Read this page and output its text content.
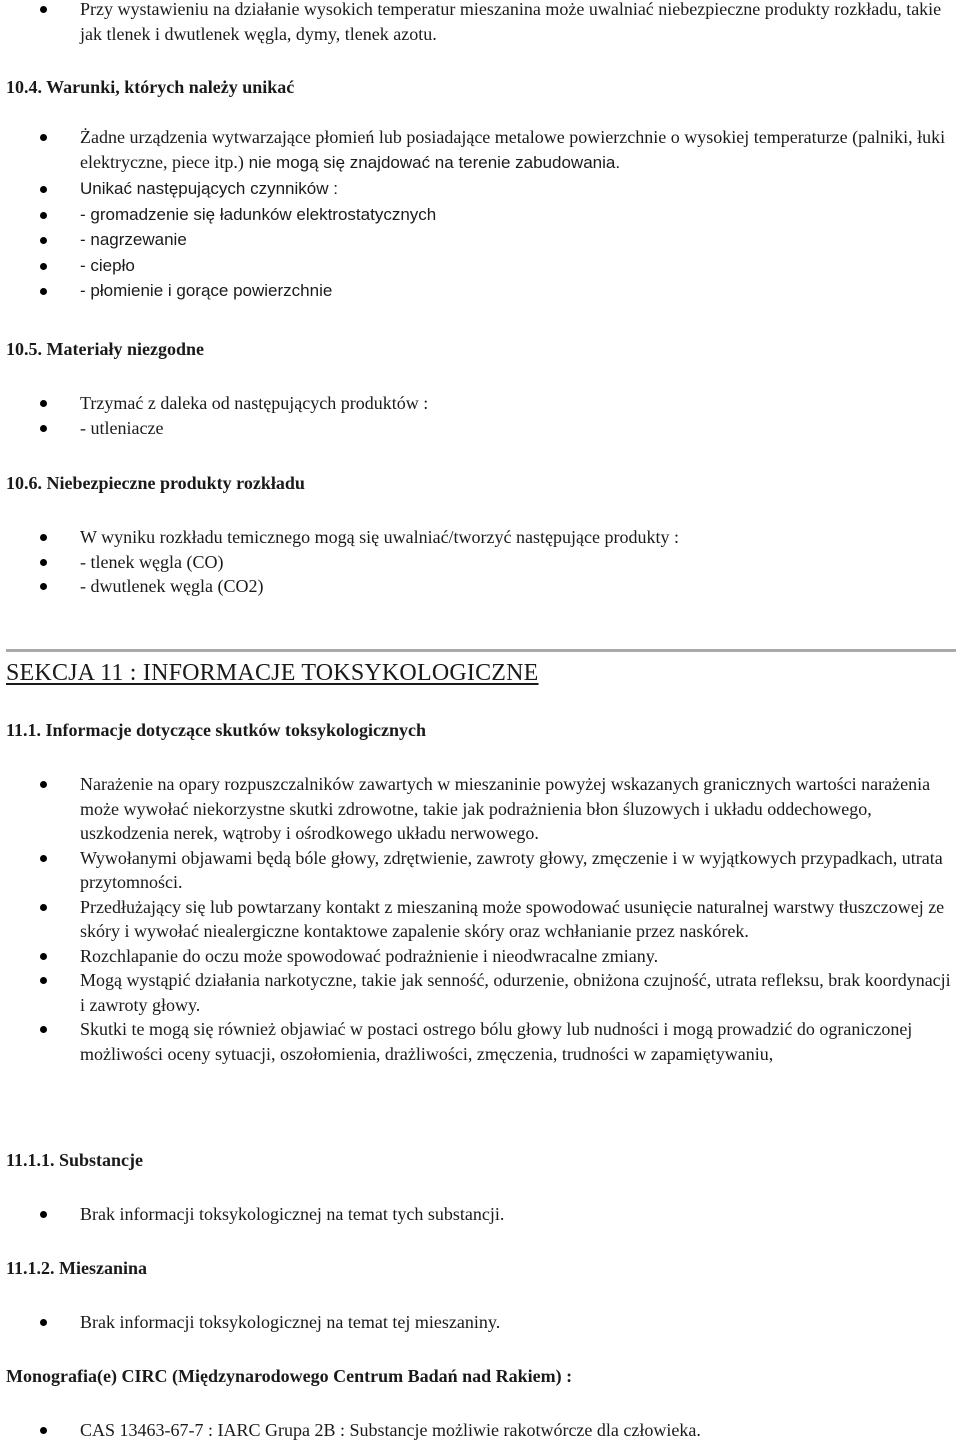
Przy wystawieniu na działanie wysokich temperatur mieszanina może uwalniać niebezpieczne produkty rozkładu, takie jak tlenek i dwutlenek węgla, dymy, tlenek azotu.
10.4. Warunki, których należy unikać
Żadne urządzenia wytwarzające płomień lub posiadające metalowe powierzchnie o wysokiej temperaturze (palniki, łuki elektryczne, piece itp.) nie mogą się znajdować na terenie zabudowania.
Unikać następujących czynników :
- gromadzenie się ładunków elektrostatycznych
- nagrzewanie
- ciepło
- płomienie i gorące powierzchnie
10.5. Materiały niezgodne
Trzymać z daleka od następujących produktów :
- utleniacze
10.6. Niebezpieczne produkty rozkładu
W wyniku rozkładu temicznego mogą się uwalniać/tworzyć następujące produkty :
- tlenek węgla (CO)
- dwutlenek węgla (CO2)
SEKCJA 11 : INFORMACJE TOKSYKOLOGICZNE
11.1. Informacje dotyczące skutków toksykologicznych
Narażenie na opary rozpuszczalników zawartych w mieszaninie powyżej wskazanych granicznych wartości narażenia może wywołać niekorzystne skutki zdrowotne, takie jak podrażnienia błon śluzowych i układu oddechowego, uszkodzenia nerek, wątroby i ośrodkowego układu nerwowego.
Wywołanymi objawami będą bóle głowy, zdrętwienie, zawroty głowy, zmęczenie i w wyjątkowych przypadkach, utrata przytomności.
Przedłużający się lub powtarzany kontakt z mieszaniną może spowodować usunięcie naturalnej warstwy tłuszczowej ze skóry i wywołać niealergiczne kontaktowe zapalenie skóry oraz wchłanianie przez naskórek.
Rozchlapanie do oczu może spowodować podrażnienie i nieodwracalne zmiany.
Mogą wystąpić działania narkotyczne, takie jak senność, odurzenie, obniżona czujność, utrata refleksu, brak koordynacji i zawroty głowy.
Skutki te mogą się również objawiać w postaci ostrego bólu głowy lub nudności i mogą prowadzić do ograniczonej możliwości oceny sytuacji, oszołomienia, drażliwości, zmęczenia, trudności w zapamiętywaniu,
11.1.1. Substancje
Brak informacji toksykologicznej na temat tych substancji.
11.1.2. Mieszanina
Brak informacji toksykologicznej na temat tej mieszaniny.
Monografia(e) CIRC (Międzynarodowego Centrum Badań nad Rakiem) :
CAS 13463-67-7 : IARC Grupa 2B : Substancje możliwie rakotwórcze dla człowieka.
